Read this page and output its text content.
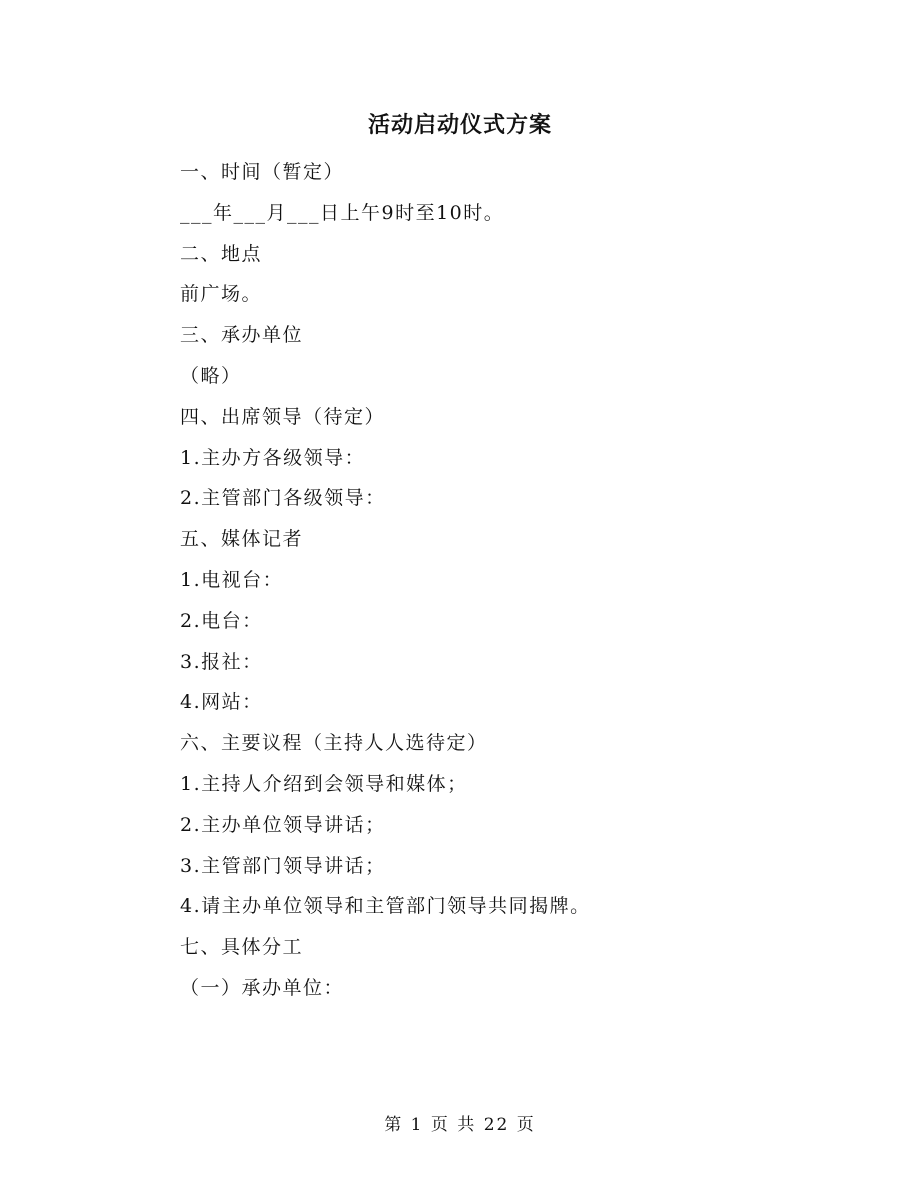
活动启动仪式方案
一、时间（暂定）
___年___月___日上午9时至10时。
二、地点
前广场。
三、承办单位
（略）
四、出席领导（待定）
1.主办方各级领导：
2.主管部门各级领导：
五、媒体记者
1.电视台：
2.电台：
3.报社：
4.网站：
六、主要议程（主持人人选待定）
1.主持人介绍到会领导和媒体；
2.主办单位领导讲话；
3.主管部门领导讲话；
4.请主办单位领导和主管部门领导共同揭牌。
七、具体分工
（一）承办单位：
第 1 页 共 22 页
